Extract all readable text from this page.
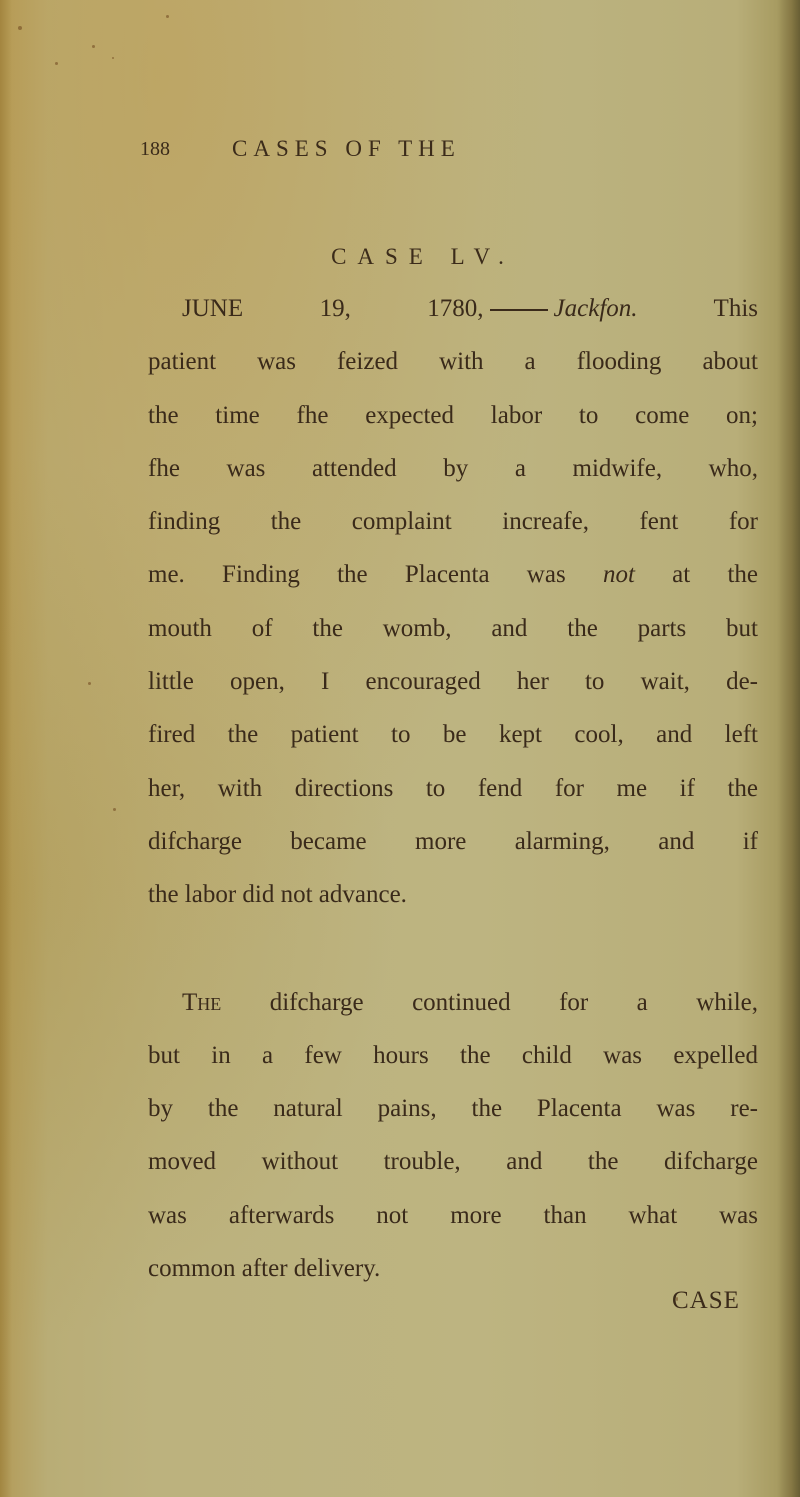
188	CASES OF THE
CASE LV.

JUNE 19, 1780,	Jackfon.	This
patient was feized with a flooding about
the time fhe expected labor to come on;
fhe was attended by a midwife, who,
finding the complaint increafe, fent for
me. Finding the Placenta was not at the
mouth of the womb, and the parts but
little open, I encouraged her to wait, de-
fired the patient to be kept cool, and left
her, with directions to fend for me if the
difcharge became more alarming, and if
the labor did not advance.

The difcharge continued for a while,
but in a few hours the child was expelled
by the natural pains, the Placenta was re-
moved without trouble, and the difcharge
was afterwards not more than what was
common after delivery.

CASE
